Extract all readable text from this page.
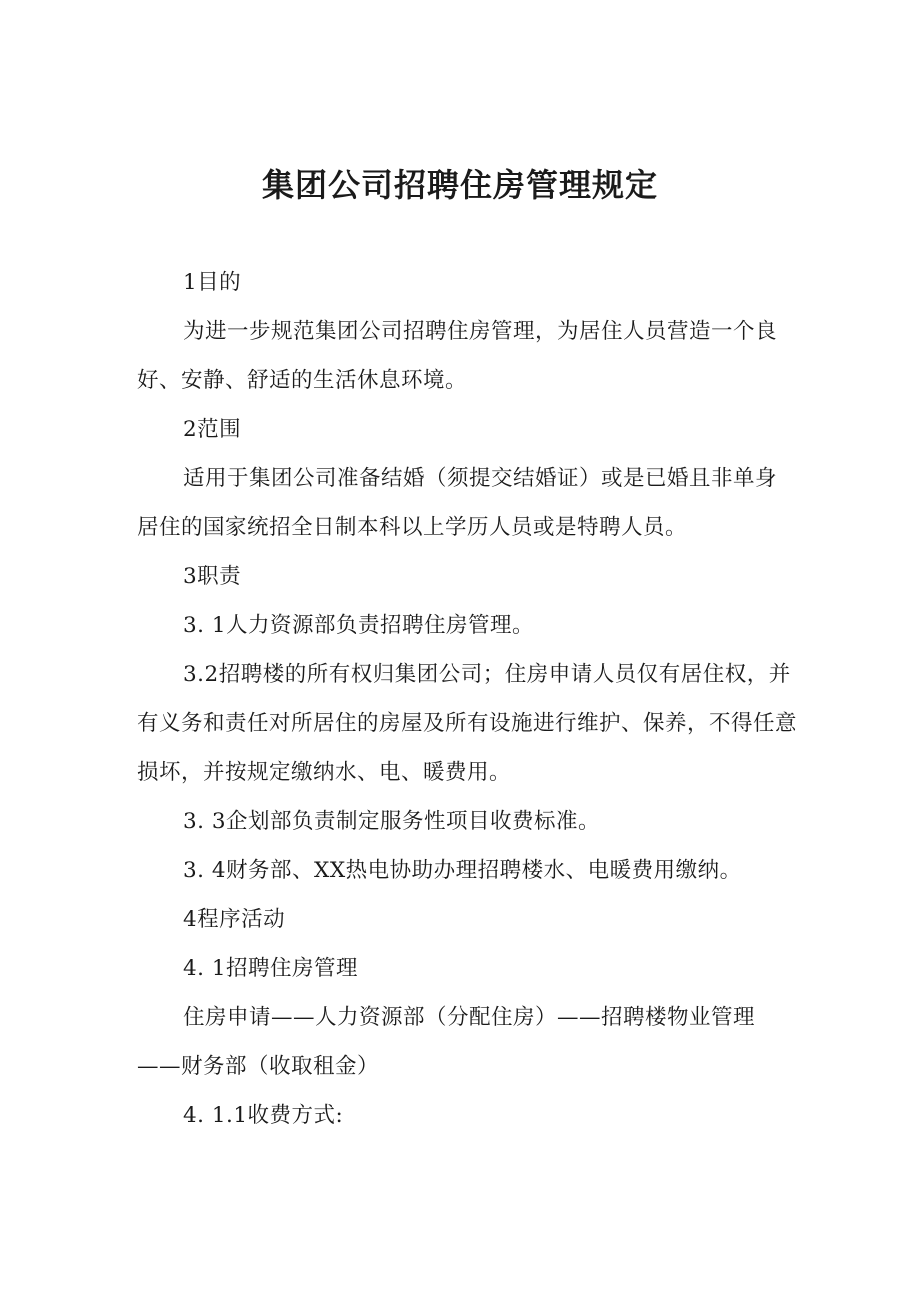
集团公司招聘住房管理规定

1目的

为进一步规范集团公司招聘住房管理，为居住人员营造一个良好、安静、舒适的生活休息环境。

2范围

适用于集团公司准备结婚（须提交结婚证）或是已婚且非单身居住的国家统招全日制本科以上学历人员或是特聘人员。

3职责

3. 1人力资源部负责招聘住房管理。

3.2招聘楼的所有权归集团公司；住房申请人员仅有居住权，并有义务和责任对所居住的房屋及所有设施进行维护、保养，不得任意损坏，并按规定缴纳水、电、暖费用。

3. 3企划部负责制定服务性项目收费标准。

3. 4财务部、XX热电协助办理招聘楼水、电暖费用缴纳。

4程序活动

4. 1招聘住房管理

住房申请——人力资源部（分配住房）——招聘楼物业管理——财务部（收取租金）

4. 1.1收费方式:
